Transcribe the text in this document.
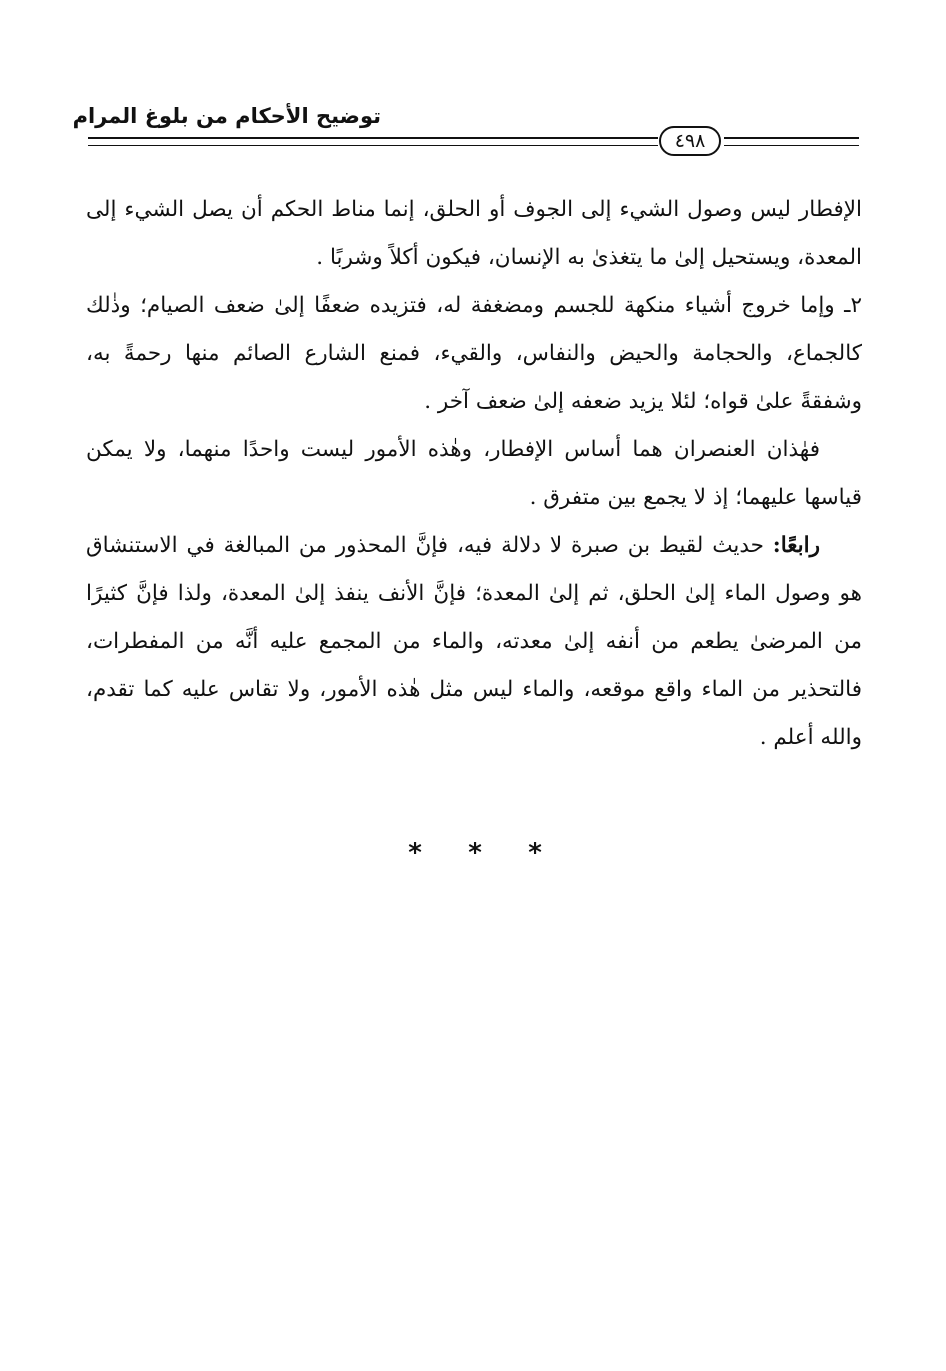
توضيح الأحكام من بلوغ المرام
٤٩٨

الإفطار ليس وصول الشيء إلى الجوف أو الحلق، إنما مناط الحكم أن يصل الشيء إلى المعدة، ويستحيل إلىٰ ما يتغذىٰ به الإنسان، فيكون أكلاً وشربًا .

٢ـ وإما خروج أشياء منكهة للجسم ومضغفة له، فتزيده ضعفًا إلىٰ ضعف الصيام؛ وذٰلك كالجماع، والحجامة والحيض والنفاس، والقيء، فمنع الشارع الصائم منها رحمةً به، وشفقةً علىٰ قواه؛ لئلا يزيد ضعفه إلىٰ ضعف آخر .

فهٰذان العنصران هما أساس الإفطار، وهٰذه الأمور ليست واحدًا منهما، ولا يمكن قياسها عليهما؛ إذ لا يجمع بين متفرق .

رابعًا: حديث لقيط بن صبرة لا دلالة فيه، فإنَّ المحذور من المبالغة في الاستنشاق هو وصول الماء إلىٰ الحلق، ثم إلىٰ المعدة؛ فإنَّ الأنف ينفذ إلىٰ المعدة، ولذا فإنَّ كثيرًا من المرضىٰ يطعم من أنفه إلىٰ معدته، والماء من المجمع عليه أنَّه من المفطرات، فالتحذير من الماء واقع موقعه، والماء ليس مثل هٰذه الأمور، ولا تقاس عليه كما تقدم، والله أعلم .

*	*	*
